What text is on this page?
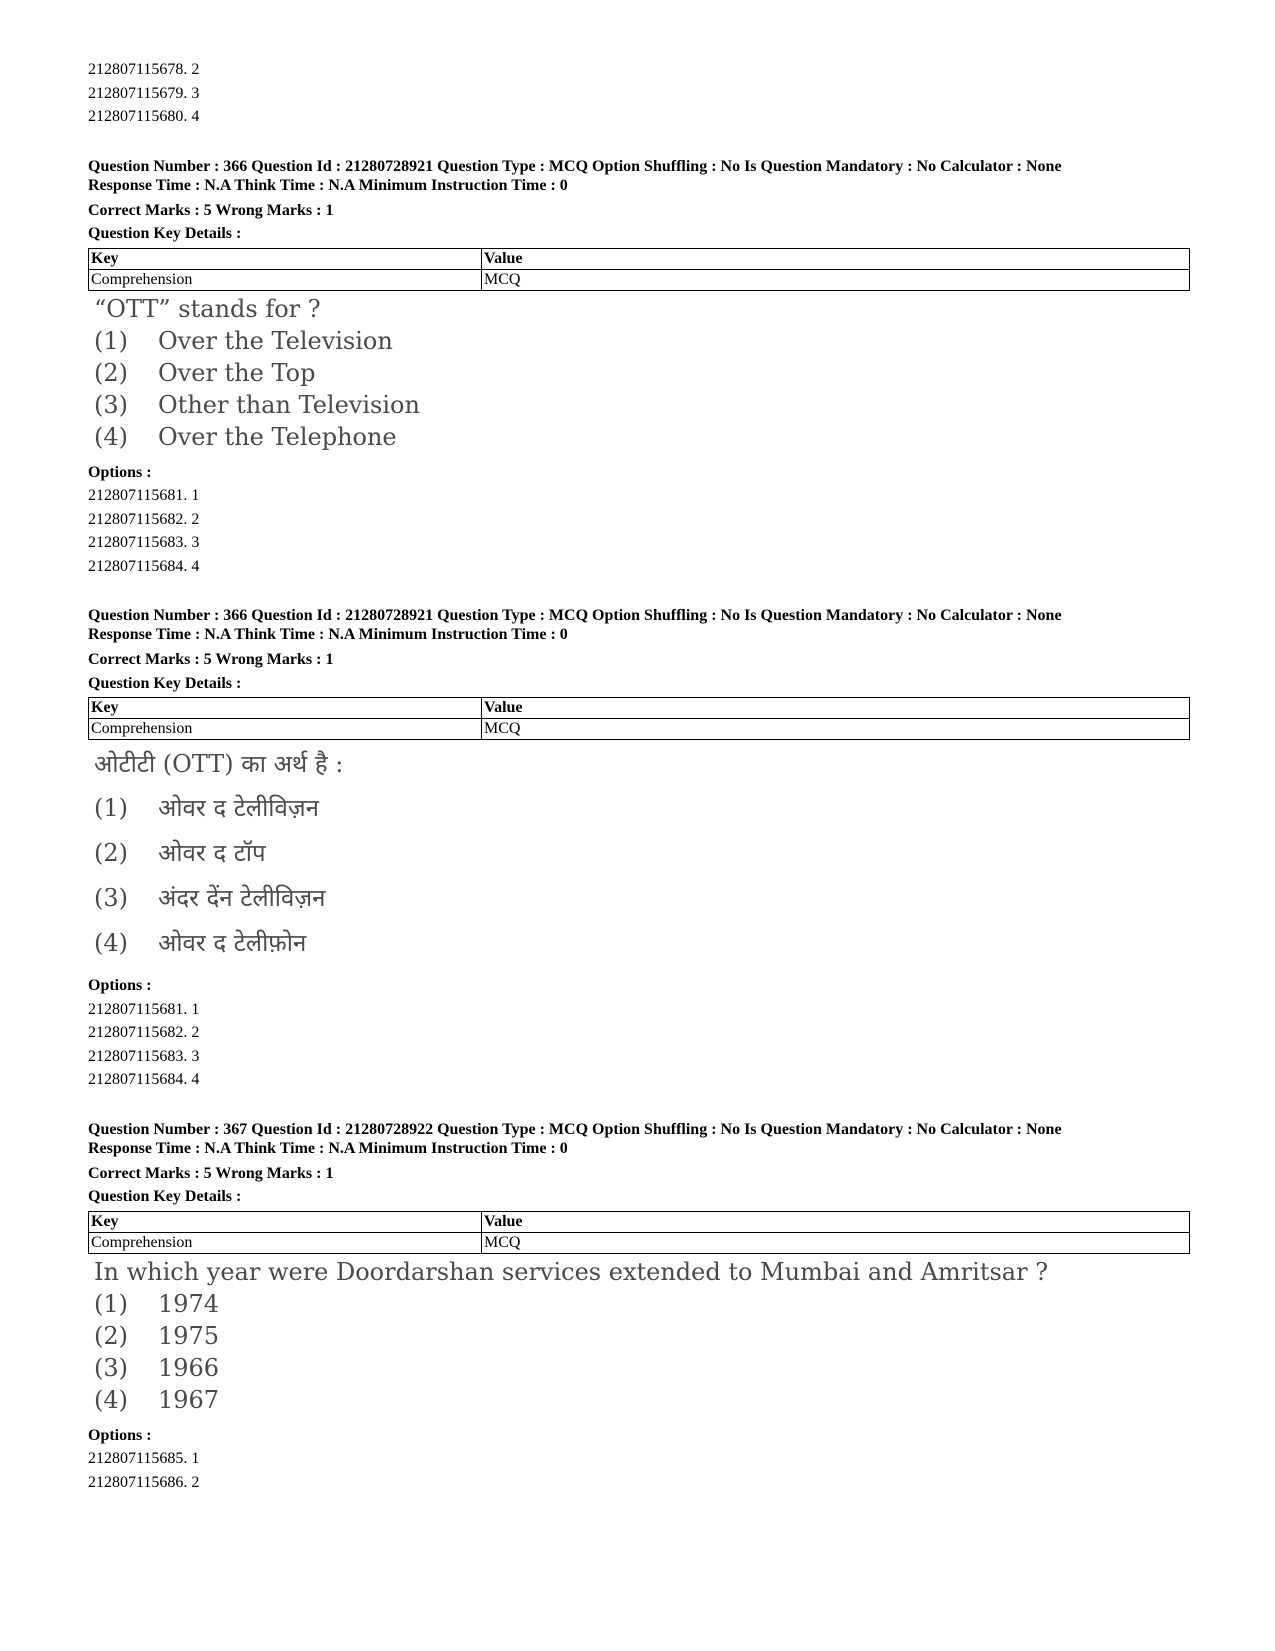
212807115678. 2
212807115679. 3
212807115680. 4
Question Number : 366 Question Id : 21280728921 Question Type : MCQ Option Shuffling : No Is Question Mandatory : No Calculator : None
Response Time : N.A Think Time : N.A Minimum Instruction Time : 0
Correct Marks : 5 Wrong Marks : 1
Question Key Details :
Key	Value
Comprehension	MCQ
“OTT” stands for ?
(1) Over the Television
(2) Over the Top
(3) Other than Television
(4) Over the Telephone
Options :
212807115681. 1
212807115682. 2
212807115683. 3
212807115684. 4
Question Number : 366 Question Id : 21280728921 Question Type : MCQ Option Shuffling : No Is Question Mandatory : No Calculator : None
Response Time : N.A Think Time : N.A Minimum Instruction Time : 0
Correct Marks : 5 Wrong Marks : 1
Question Key Details :
Key	Value
Comprehension	MCQ
ओटीटी (OTT) का अर्थ है :
(1) ओवर द टेलीविज़न
(2) ओवर द टॉप
(3) अंदर देंन टेलीविज़न
(4) ओवर द टेलीफ़ोन
Options :
212807115681. 1
212807115682. 2
212807115683. 3
212807115684. 4
Question Number : 367 Question Id : 21280728922 Question Type : MCQ Option Shuffling : No Is Question Mandatory : No Calculator : None
Response Time : N.A Think Time : N.A Minimum Instruction Time : 0
Correct Marks : 5 Wrong Marks : 1
Question Key Details :
Key	Value
Comprehension	MCQ
In which year were Doordarshan services extended to Mumbai and Amritsar ?
(1) 1974
(2) 1975
(3) 1966
(4) 1967
Options :
212807115685. 1
212807115686. 2
